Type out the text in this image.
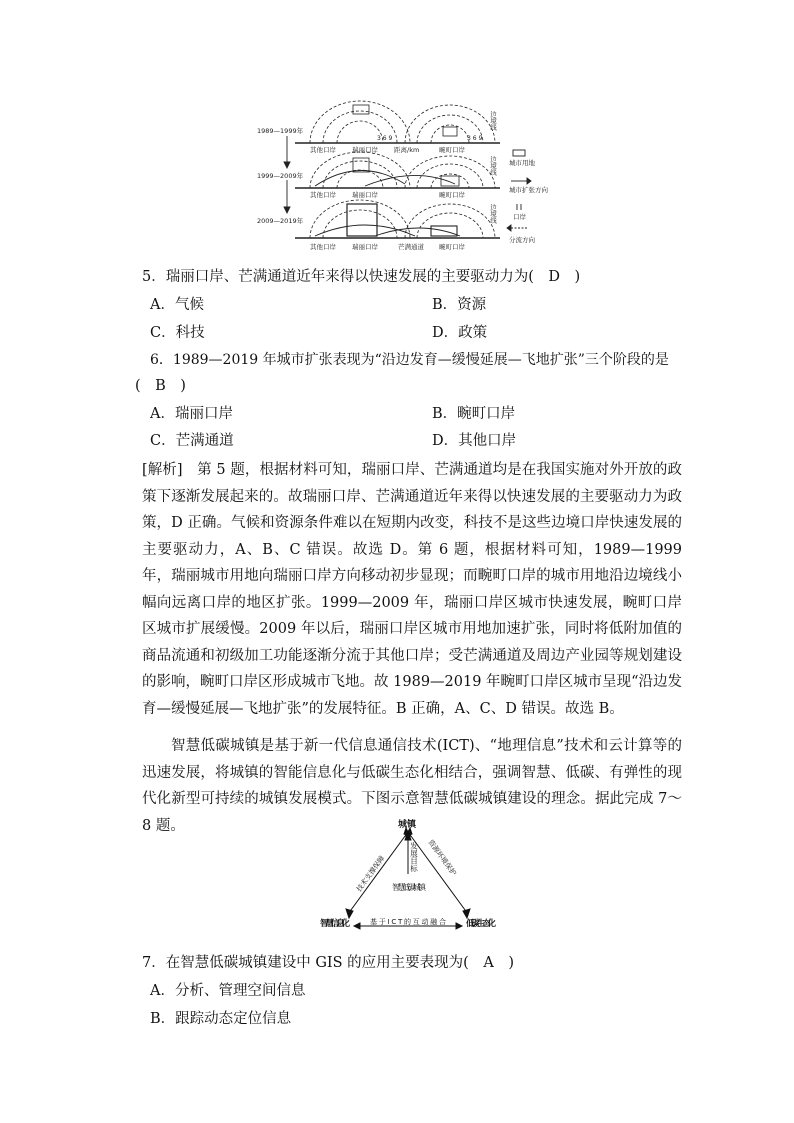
1989—1999年
3 6 9	3 6 9
其他口岸 瑞丽口岸 距离/km	畹町口岸
边境线
1999—2009年
其他口岸 瑞丽口岸	畹町口岸
边境线
2009—2019年
其他口岸 瑞丽口岸	芒满通道 畹町口岸
边境线
城市用地
城市扩张方向
口岸
分流方向
5．瑞丽口岸、芒满通道近年来得以快速发展的主要驱动力为(　D　)
A．气候	B．资源
C．科技	D．政策
6．1989—2019 年城市扩张表现为“沿边发育—缓慢延展—飞地扩张”三个阶段的是
(　B　)
A．瑞丽口岸	B．畹町口岸
C．芒满通道	D．其他口岸

[解析]　第 5 题，根据材料可知，瑞丽口岸、芒满通道均是在我国实施对外开放的政策下逐渐发展起来的。故瑞丽口岸、芒满通道近年来得以快速发展的主要驱动力为政策，D 正确。气候和资源条件难以在短期内改变，科技不是这些边境口岸快速发展的主要驱动力，A、B、C 错误。故选 D。第 6 题，根据材料可知，1989—1999 年，瑞丽城市用地向瑞丽口岸方向移动初步显现；而畹町口岸的城市用地沿边境线小幅向远离口岸的地区扩张。1999—2009 年，瑞丽口岸区城市快速发展，畹町口岸区城市扩展缓慢。2009 年以后，瑞丽口岸区城市用地加速扩张，同时将低附加值的商品流通和初级加工功能逐渐分流于其他口岸；受芒满通道及周边产业园等规划建设的影响，畹町口岸区形成城市飞地。故 1989—2019 年畹町口岸区城市呈现“沿边发育—缓慢延展—飞地扩张”的发展特征。B 正确，A、C、D 错误。故选 B。

智慧低碳城镇是基于新一代信息通信技术(ICT)、“地理信息”技术和云计算等的迅速发展，将城镇的智能信息化与低碳生态化相结合，强调智慧、低碳、有弹性的现代化新型可持续的城镇发展模式。下图示意智慧低碳城镇建设的理念。据此完成 7～8 题。	城镇
发展目标
智慧低碳城镇
智慧信息化	低碳生态化
基于ICT的互动融合
技术支撑保障	资源环境保护
7．在智慧低碳城镇建设中 GIS 的应用主要表现为(　A　)
A．分析、管理空间信息
B．跟踪动态定位信息
